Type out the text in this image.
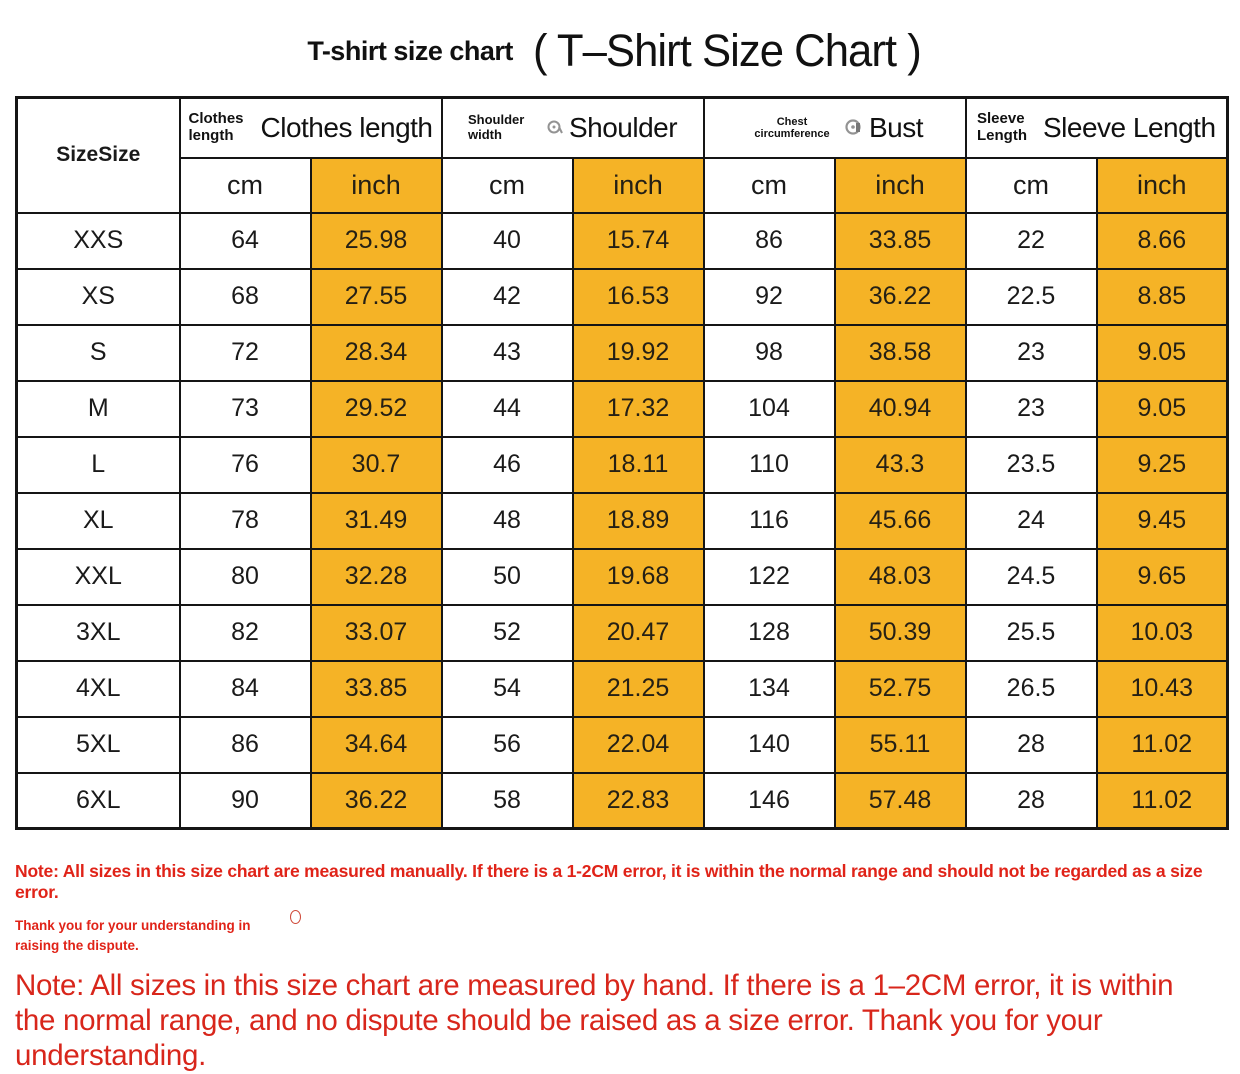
T-shirt size chart ( T–Shirt Size Chart )
SizeSize	Clothes length Clothes length		Shoulder width Shoulder		Chest circumference Bust		Sleeve Length Sleeve Length	

	cm	inch	cm	inch	cm	inch	cm	inch
XXS	64	25.98	40	15.74	86	33.85	22	8.66
XS	68	27.55	42	16.53	92	36.22	22.5	8.85
S	72	28.34	43	19.92	98	38.58	23	9.05
M	73	29.52	44	17.32	104	40.94	23	9.05
L	76	30.7	46	18.11	110	43.3	23.5	9.25
XL	78	31.49	48	18.89	116	45.66	24	9.45
XXL	80	32.28	50	19.68	122	48.03	24.5	9.65
3XL	82	33.07	52	20.47	128	50.39	25.5	10.03
4XL	84	33.85	54	21.25	134	52.75	26.5	10.43
5XL	86	34.64	56	22.04	140	55.11	28	11.02
6XL	90	36.22	58	22.83	146	57.48	28	11.02
Note: All sizes in this size chart are measured manually. If there is a 1-2CM error, it is within the normal range and should not be regarded as a size error.
Thank you for your understanding in
raising the dispute.
Note: All sizes in this size chart are measured by hand. If there is a 1–2CM error, it is within the normal range, and no dispute should be raised as a size error. Thank you for your understanding.
